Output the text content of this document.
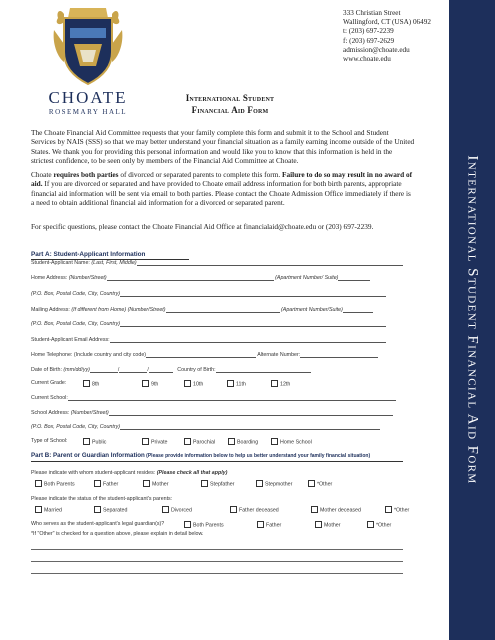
CHOATE
ROSEMARY HALL
333 Christian Street
Wallingford, CT (USA) 06492
t: (203) 697-2239
f: (203) 697-2629
admission@choate.edu
www.choate.edu
International Student
Financial Aid Form

The Choate Financial Aid Committee requests that your family complete this form and submit it to the School and Student Services by NAIS (SSS) so that we may better understand your financial situation as a family earning income outside of the United States. We thank you for providing this personal information and would like you to know that this information is held in the strictest confidence, to be seen only by members of the Financial Aid Committee at Choate.

Choate requires both parties of divorced or separated parents to complete this form. Failure to do so may result in no award of aid. If you are divorced or separated and have provided to Choate email address information for both birth parents, appropriate financial aid information will be sent via email to both parties. Please contact the Choate Admission Office immediately if there is a need to obtain additional financial aid information for a divorced or separated parent.

For specific questions, please contact the Choate Financial Aid Office at financialaid@choate.edu or (203) 697-2239.

Part A: Student-Applicant Information
Student-Applicant Name: (Last, First, Middle)
Home Address: (Number/Street)	(Apartment Number/ Suite)
(P.O. Box, Postal Code, City, Country)
Mailing Address: (If different from Home) (Number/Street)	(Apartment Number/Suite)
(P.O. Box, Postal Code, City, Country)
Student-Applicant Email Address:
Home Telephone: (Include country and city code)	Alternate Number:
Date of Birth: (mm/dd/yy)	/	/	Country of Birth:
Current Grade:	8th	9th	10th	11th	12th
Current School:
School Address: (Number/Street)
(P.O. Box, Postal Code, City, Country)
Type of School:	Public	Private	Parochial	Boarding	Home School
Part B: Parent or Guardian Information (Please provide information below to help us better understand your family financial situation)
Please indicate with whom student-applicant resides: (Please check all that apply)
Both Parents	Father	Mother	Stepfather	Stepmother	*Other
Please indicate the status of the student-applicant's parents:
Married	Separated	Divorced	Father deceased	Mother deceased	*Other
Who serves as the student-applicant's legal guardian(s)?	Both Parents	Father	Mother	*Other
*If "Other" is checked for a question above, please explain in detail below.
International Student Financial Aid Form
